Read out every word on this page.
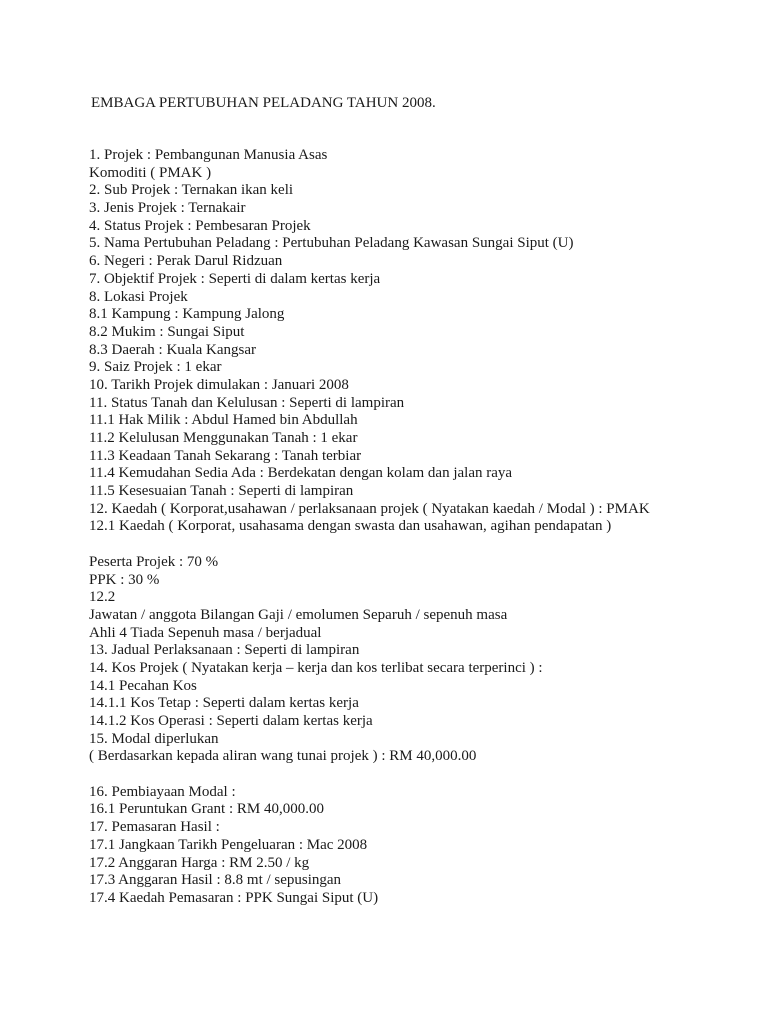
EMBAGA PERTUBUHAN PELADANG TAHUN 2008.
1. Projek : Pembangunan Manusia Asas
Komoditi ( PMAK )
2. Sub Projek : Ternakan ikan keli
3. Jenis Projek : Ternakair
4. Status Projek : Pembesaran Projek
5. Nama Pertubuhan Peladang : Pertubuhan Peladang Kawasan Sungai Siput (U)
6. Negeri : Perak Darul Ridzuan
7. Objektif Projek : Seperti di dalam kertas kerja
8. Lokasi Projek
8.1 Kampung : Kampung Jalong
8.2 Mukim : Sungai Siput
8.3 Daerah : Kuala Kangsar
9. Saiz Projek : 1 ekar
10. Tarikh Projek dimulakan : Januari 2008
11. Status Tanah dan Kelulusan : Seperti di lampiran
11.1 Hak Milik : Abdul Hamed bin Abdullah
11.2 Kelulusan Menggunakan Tanah : 1 ekar
11.3 Keadaan Tanah Sekarang : Tanah terbiar
11.4 Kemudahan Sedia Ada : Berdekatan dengan kolam dan jalan raya
11.5 Kesesuaian Tanah : Seperti di lampiran
12. Kaedah ( Korporat,usahawan / perlaksanaan projek ( Nyatakan kaedah / Modal ) : PMAK
12.1 Kaedah ( Korporat, usahasama dengan swasta dan usahawan, agihan pendapatan )
Peserta Projek : 70 %
PPK : 30 %
12.2
Jawatan / anggota Bilangan Gaji / emolumen Separuh / sepenuh masa
Ahli 4 Tiada Sepenuh masa / berjadual
13. Jadual Perlaksanaan : Seperti di lampiran
14. Kos Projek ( Nyatakan kerja – kerja dan kos terlibat secara terperinci ) :
14.1 Pecahan Kos
14.1.1 Kos Tetap : Seperti dalam kertas kerja
14.1.2 Kos Operasi : Seperti dalam kertas kerja
15. Modal diperlukan
( Berdasarkan kepada aliran wang tunai projek ) : RM 40,000.00
16. Pembiayaan Modal :
16.1 Peruntukan Grant : RM 40,000.00
17. Pemasaran Hasil :
17.1 Jangkaan Tarikh Pengeluaran : Mac 2008
17.2 Anggaran Harga : RM 2.50 / kg
17.3 Anggaran Hasil : 8.8 mt / sepusingan
17.4 Kaedah Pemasaran : PPK Sungai Siput (U)
